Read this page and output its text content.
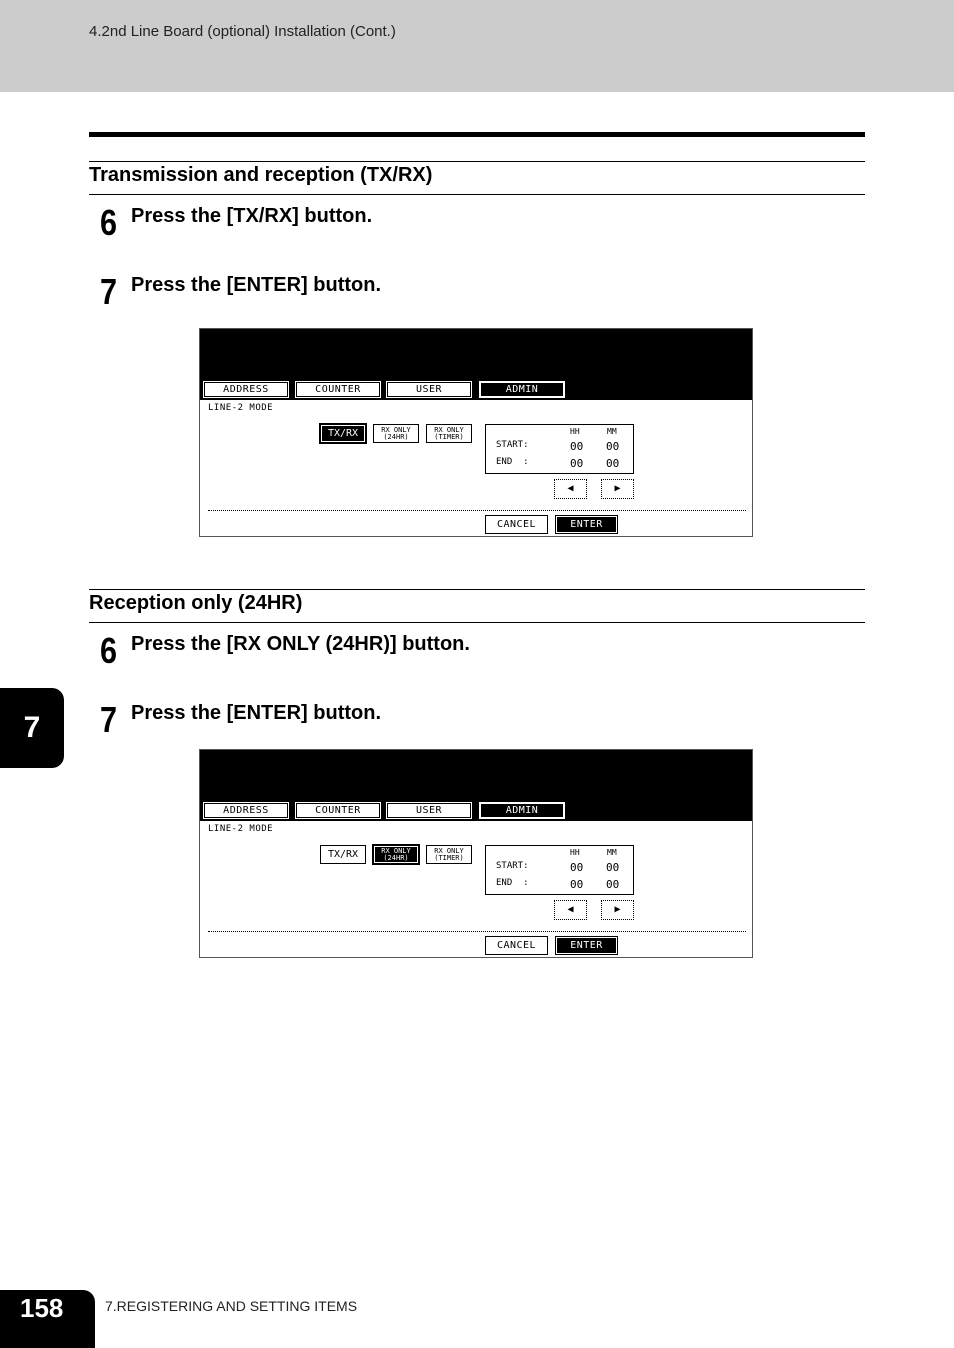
4.2nd Line Board (optional) Installation (Cont.)
Transmission and reception (TX/RX)
6 Press the [TX/RX] button.
7 Press the [ENTER] button.
ADDRESS	COUNTER	USER	ADMIN
LINE-2 MODE
TX/RX	RX ONLY
(24HR)
RX ONLY
(TIMER)
HH	MM
START:	00 00
END  :	00 00
◀	▶
CANCEL	ENTER
Reception only (24HR)
6 Press the [RX ONLY (24HR)] button.
7 Press the [ENTER] button.
ADDRESS	COUNTER	USER	ADMIN
LINE-2 MODE
TX/RX	RX ONLY
(24HR)
RX ONLY
(TIMER)
HH	MM
START:	00 00
END  :	00 00
◀	▶
CANCEL	ENTER
7
158	7.REGISTERING AND SETTING ITEMS
